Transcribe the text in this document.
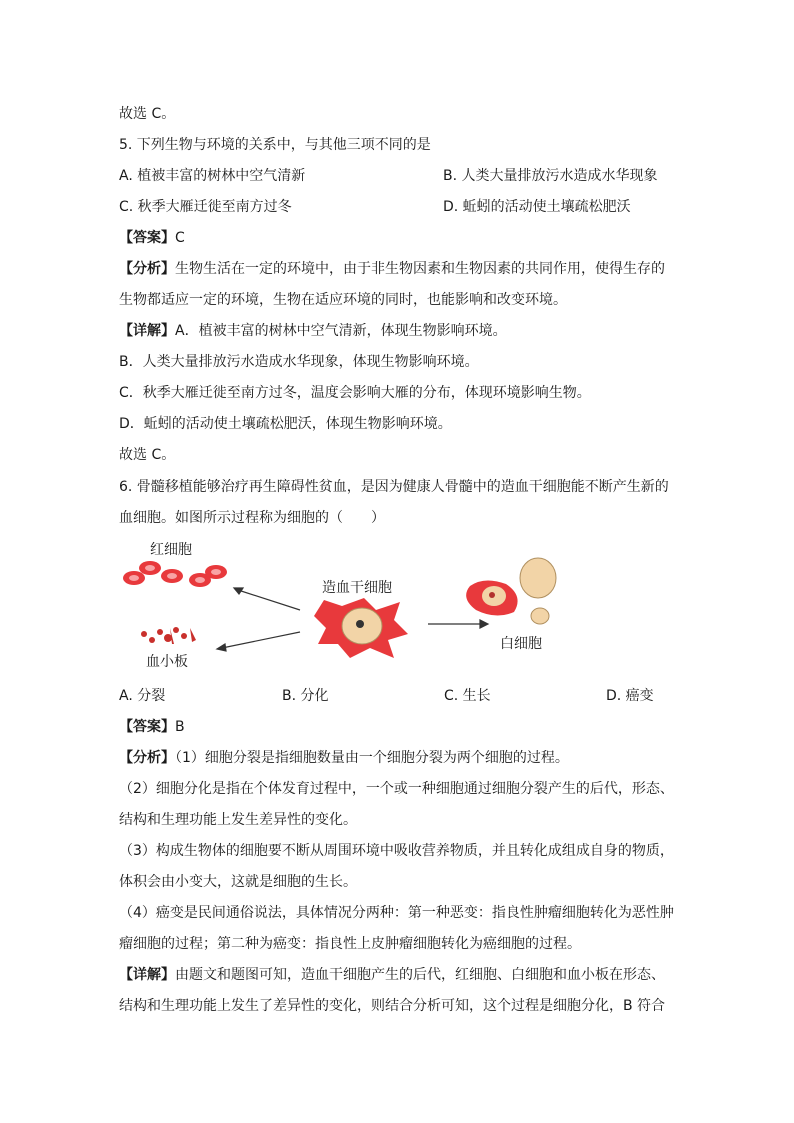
故选 C。
5. 下列生物与环境的关系中，与其他三项不同的是
A. 植被丰富的树林中空气清新	B. 人类大量排放污水造成水华现象
C. 秋季大雁迁徙至南方过冬	D. 蚯蚓的活动使土壤疏松肥沃
【答案】C
【分析】生物生活在一定的环境中，由于非生物因素和生物因素的共同作用，使得生存的
生物都适应一定的环境，生物在适应环境的同时，也能影响和改变环境。
【详解】A．植被丰富的树林中空气清新，体现生物影响环境。
B．人类大量排放污水造成水华现象，体现生物影响环境。
C．秋季大雁迁徙至南方过冬，温度会影响大雁的分布，体现环境影响生物。
D．蚯蚓的活动使土壤疏松肥沃，体现生物影响环境。
故选 C。
6. 骨髓移植能够治疗再生障碍性贫血，是因为健康人骨髓中的造血干细胞能不断产生新的
血细胞。如图所示过程称为细胞的（　　）
红细胞
血小板
造血干细胞
白细胞
A. 分裂	B. 分化	C. 生长	D. 癌变
【答案】B
【分析】（1）细胞分裂是指细胞数量由一个细胞分裂为两个细胞的过程。
（2）细胞分化是指在个体发育过程中，一个或一种细胞通过细胞分裂产生的后代，形态、
结构和生理功能上发生差异性的变化。
（3）构成生物体的细胞要不断从周围环境中吸收营养物质，并且转化成组成自身的物质，
体积会由小变大，这就是细胞的生长。
（4）癌变是民间通俗说法，具体情况分两种：第一种恶变：指良性肿瘤细胞转化为恶性肿
瘤细胞的过程；第二种为癌变：指良性上皮肿瘤细胞转化为癌细胞的过程。
【详解】由题文和题图可知，造血干细胞产生的后代，红细胞、白细胞和血小板在形态、
结构和生理功能上发生了差异性的变化，则结合分析可知，这个过程是细胞分化，B 符合
